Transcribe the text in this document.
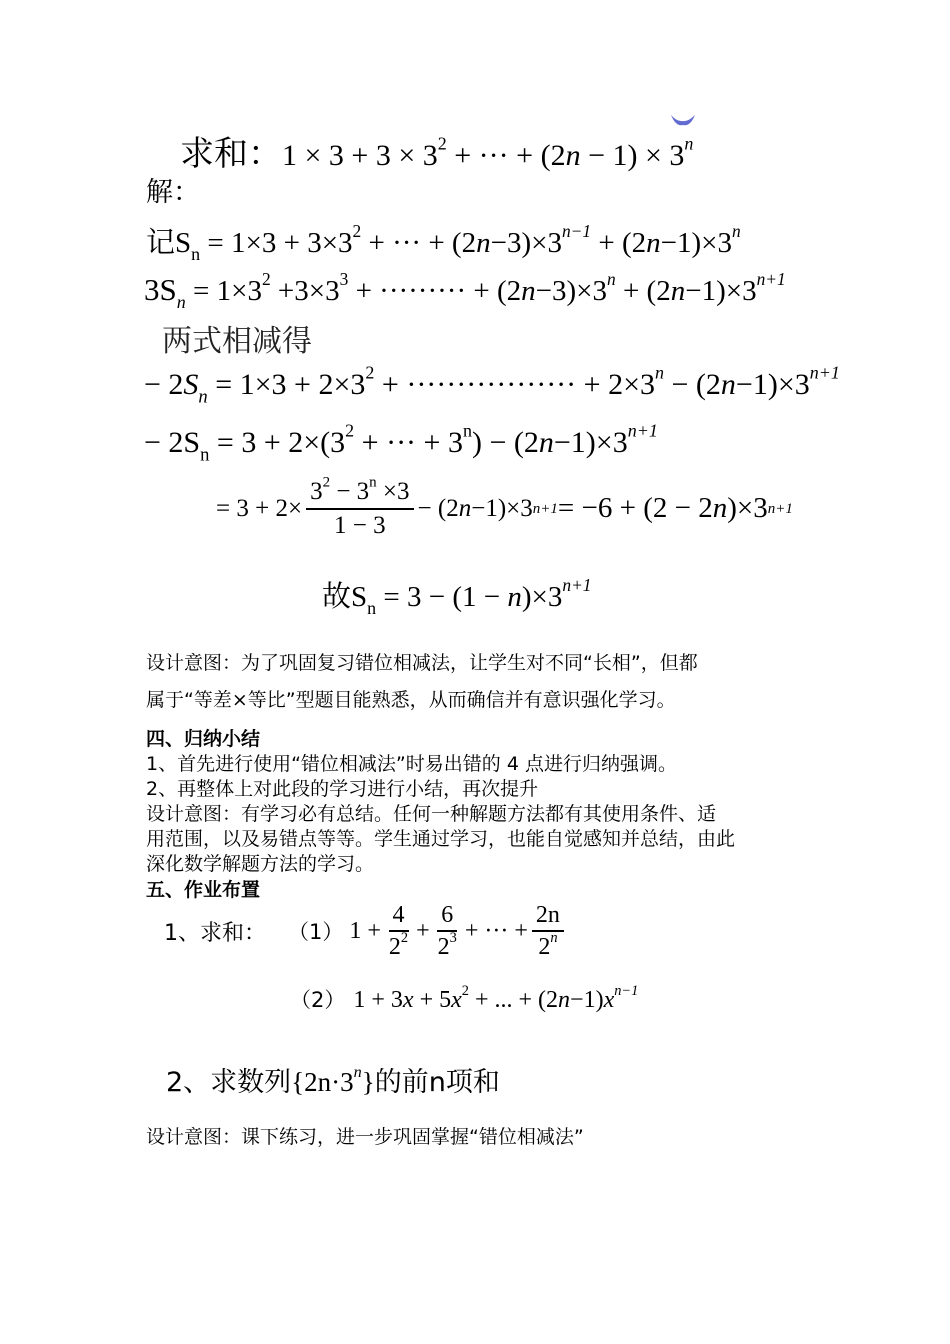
求和：$1 \times 3 + 3 \times 3^2$ + ··· + $(2n - 1) \times 3^n$
解：
记$S_n = 1\times 3 + 3\times 3^2$ + ··· + $(2n-3)\times 3^{n-1} + (2n-1)\times 3^n$
$3S_n = 1\times 3^2 +3\times 3^3$ + ········· + $(2n-3)\times 3^n + (2n-1)\times 3^{n+1}$
两式相减得
− $2S_n = 1\times 3 + 2\times 3^2$ + ················· + $2\times 3^n - (2n-1)\times 3^{n+1}$
− $2S_n = 3 + 2\times(3^2$ + ··· + $3^n) - (2n-1)\times 3^{n+1}$
= $3 + 2\times \frac{3^2 - 3^n \times 3}{1 - 3} - (2$ n −1)×3 n+1 = −6 + (2 − 2 n )×3 n+1
故$S_n = 3 - (1 - n)\times 3^{n+1}$
设计意图：为了巩固复习错位相减法，让学生对不同“长相”，但都
属于“等差×等比”型题目能熟悉，从而确信并有意识强化学习。
四、归纳小结
1、首先进行使用“错位相减法”时易出错的 4 点进行归纳强调。
2、再整体上对此段的学习进行小结，再次提升
设计意图：有学习必有总结。任何一种解题方法都有其使用条件、适
用范围，以及易错点等等。学生通过学习，也能自觉感知并总结，由此
深化数学解题方法的学习。
五、作业布置
1、求和： （1） $1 + \frac{4}{2^2} + \frac{6}{2^3}$ + ··· + $\frac{2n}{2^n}$
（2） $1 + 3x + 5x^2$ + ... + $(2n-1)x^{n-1}$
2、求数列$\{2n\cdot 3^n\}$的前n项和
设计意图：课下练习，进一步巩固掌握“错位相减法”
